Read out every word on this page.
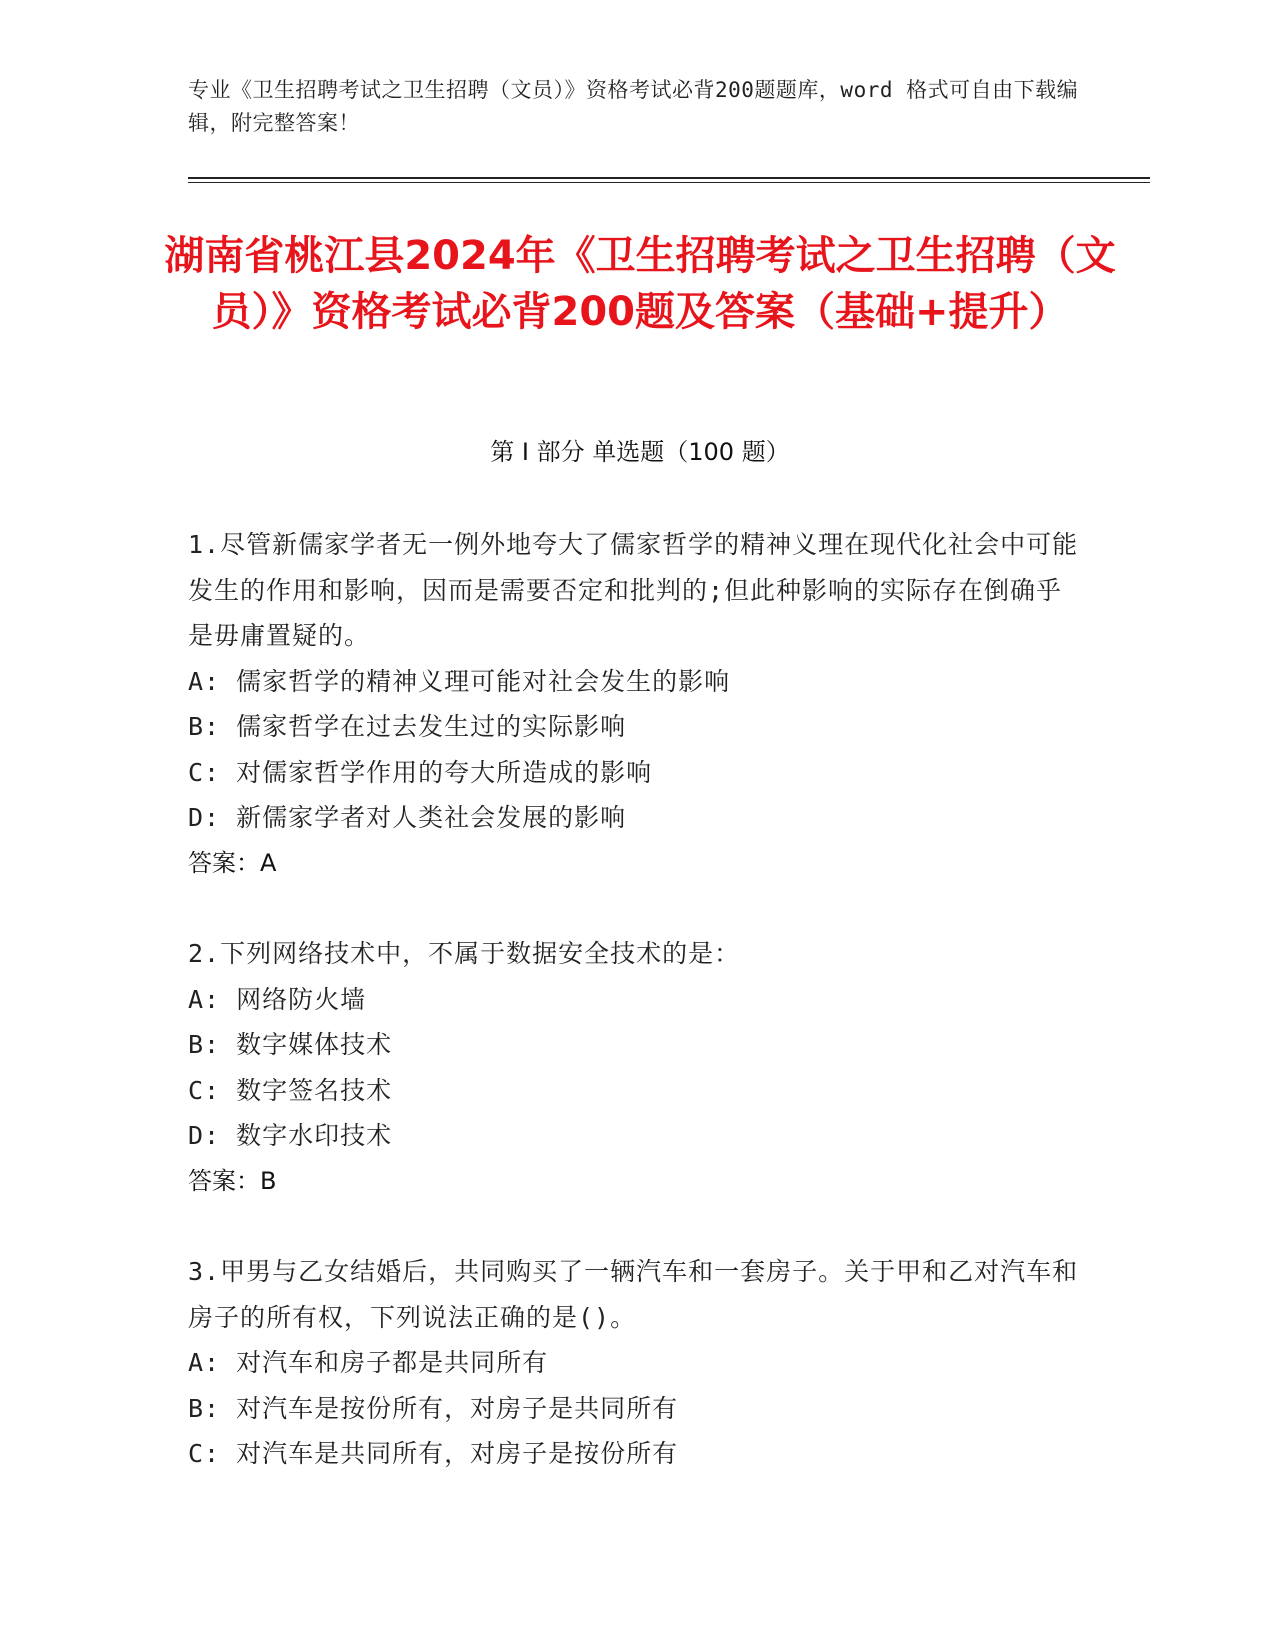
专业《卫生招聘考试之卫生招聘（文员）》资格考试必背200题题库，word 格式可自由下载编辑，附完整答案！
湖南省桃江县2024年《卫生招聘考试之卫生招聘（文员）》资格考试必背200题及答案（基础+提升）
第 I 部分 单选题（100 题）
1.尽管新儒家学者无一例外地夸大了儒家哲学的精神义理在现代化社会中可能发生的作用和影响，因而是需要否定和批判的;但此种影响的实际存在倒确乎是毋庸置疑的。
A: 儒家哲学的精神义理可能对社会发生的影响
B: 儒家哲学在过去发生过的实际影响
C: 对儒家哲学作用的夸大所造成的影响
D: 新儒家学者对人类社会发展的影响
答案：A
2.下列网络技术中，不属于数据安全技术的是：
A: 网络防火墙
B: 数字媒体技术
C: 数字签名技术
D: 数字水印技术
答案：B
3.甲男与乙女结婚后，共同购买了一辆汽车和一套房子。关于甲和乙对汽车和房子的所有权，下列说法正确的是()。
A: 对汽车和房子都是共同所有
B: 对汽车是按份所有，对房子是共同所有
C: 对汽车是共同所有，对房子是按份所有
